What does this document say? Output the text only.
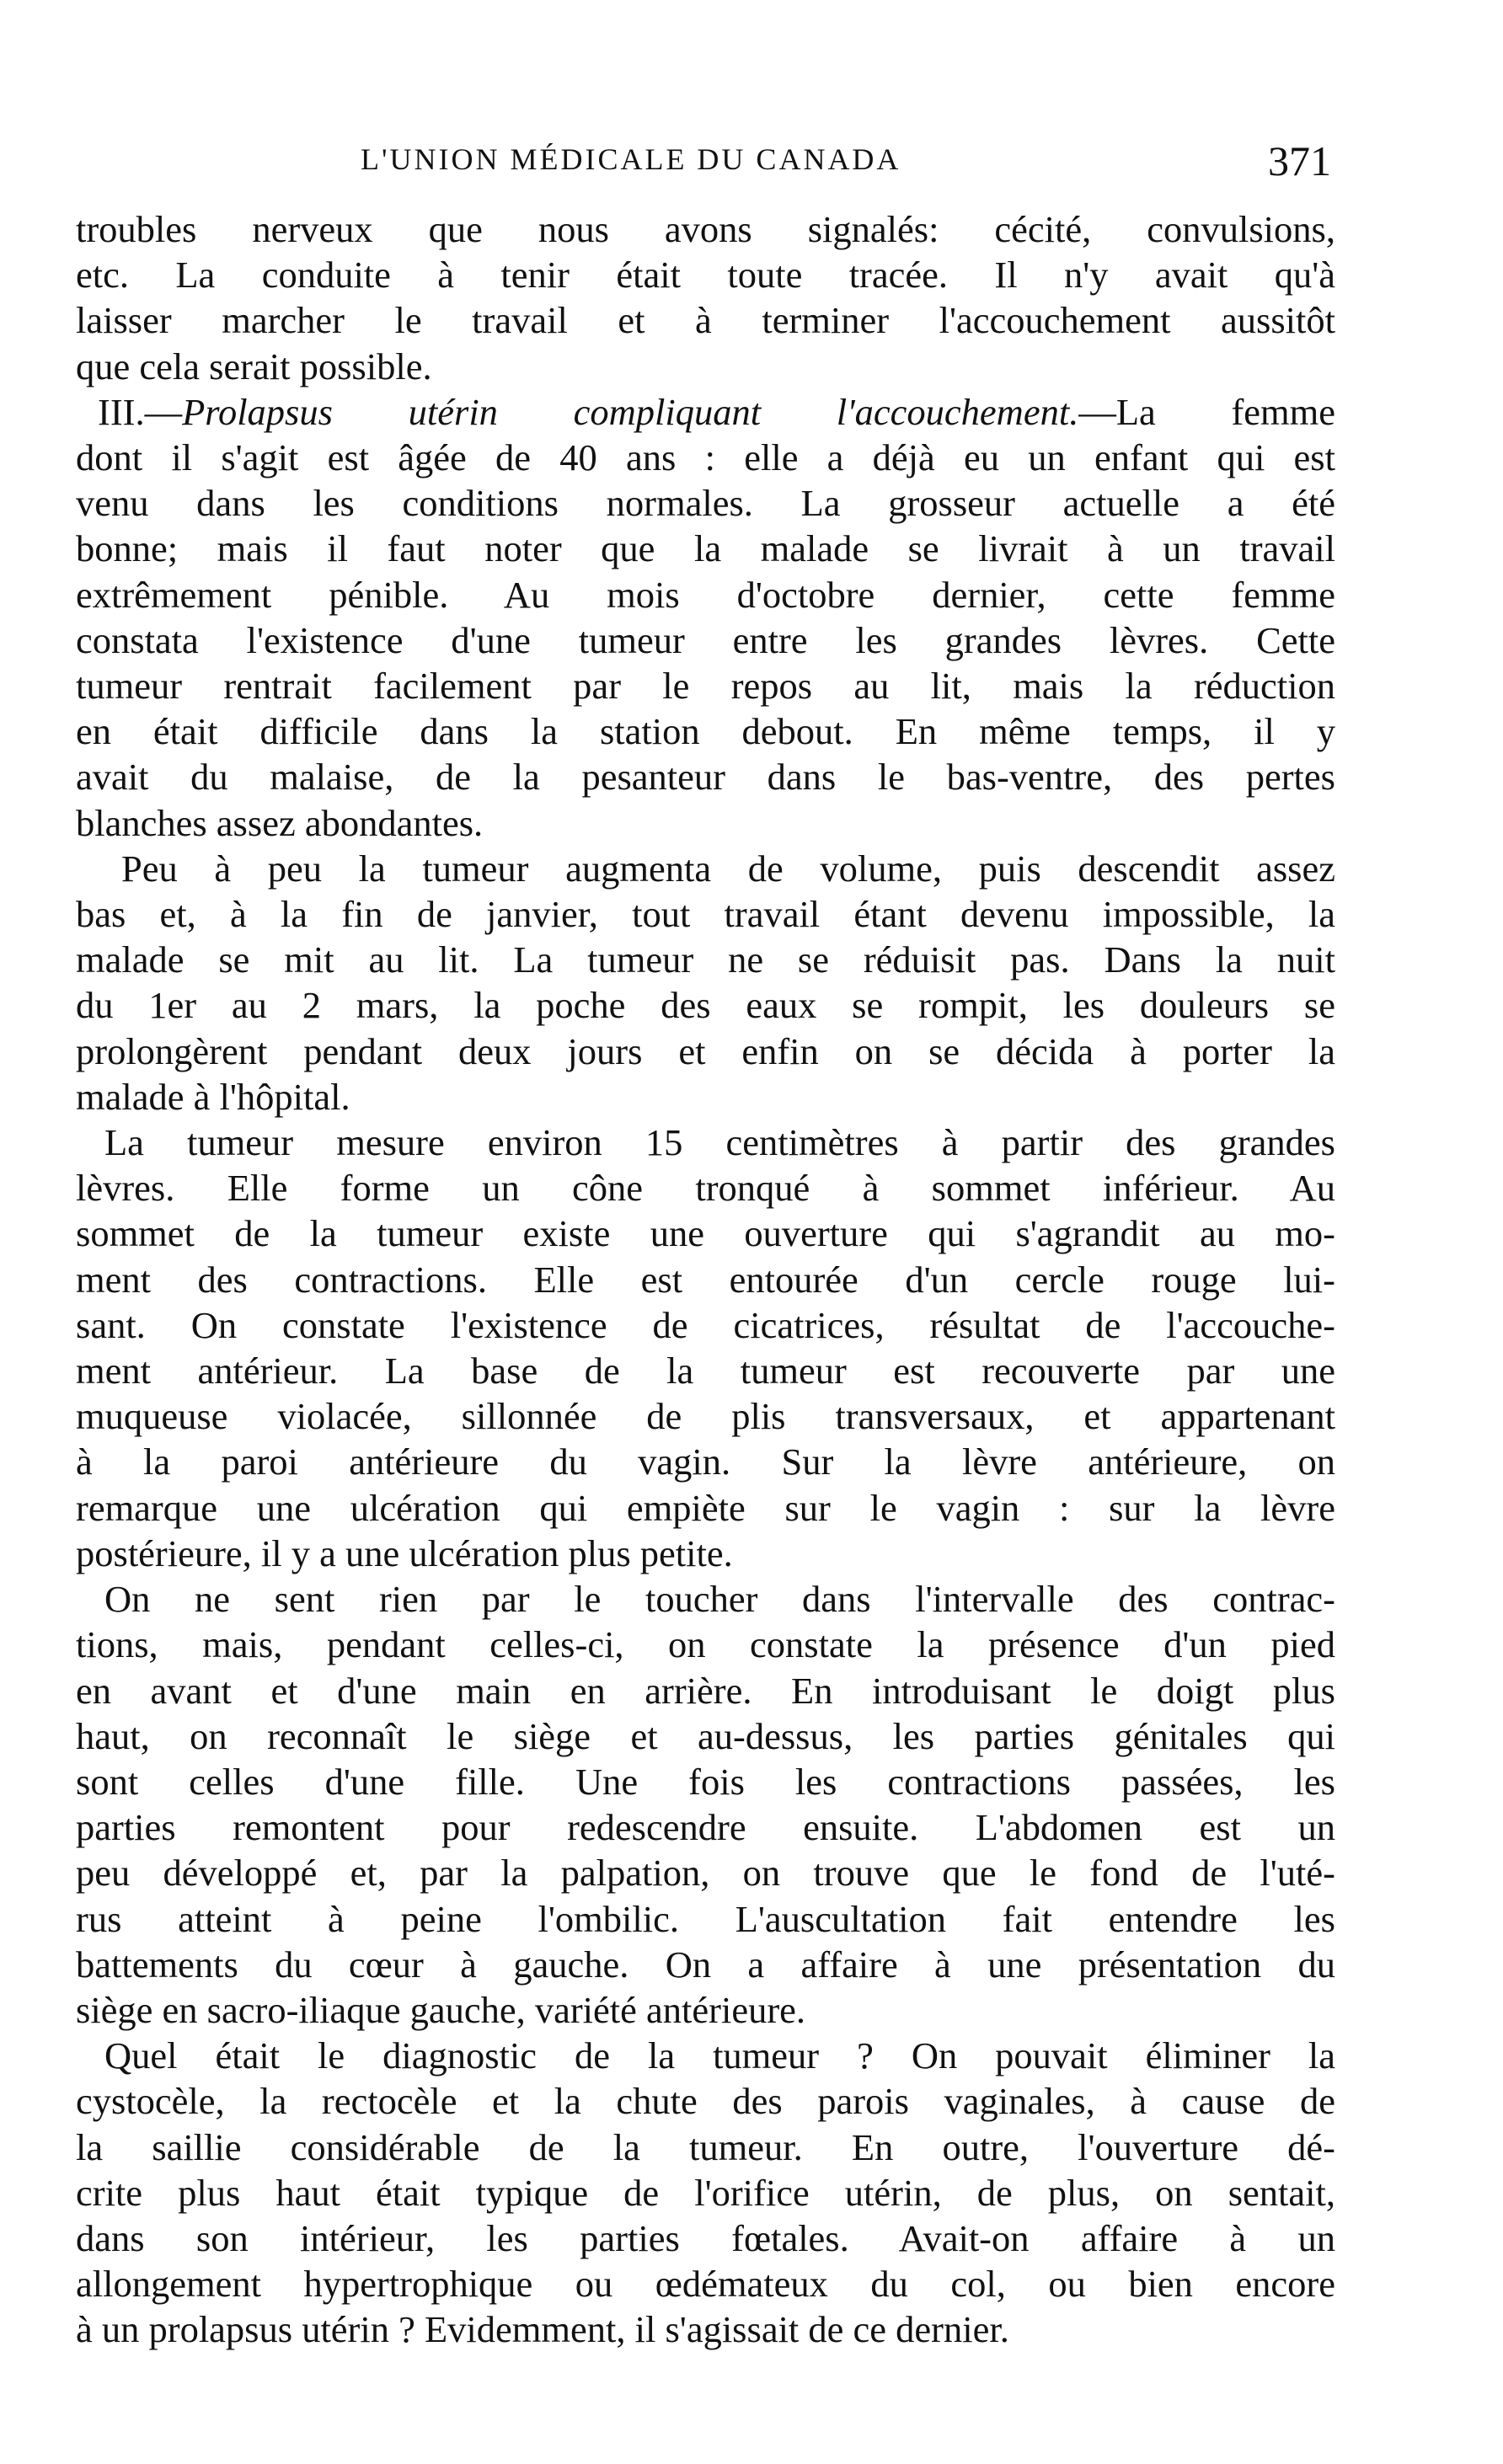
L'UNION MÉDICALE DU CANADA	371

troubles nerveux que nous avons signalés: cécité, convulsions,
etc. La conduite à tenir était toute tracée. Il n'y avait qu'à
laisser marcher le travail et à terminer l'accouchement aussitôt
que cela serait possible.

III.—Prolapsus utérin compliquant l'accouchement.—La femme
dont il s'agit est âgée de 40 ans : elle a déjà eu un enfant qui est
venu dans les conditions normales. La grosseur actuelle a été
bonne; mais il faut noter que la malade se livrait à un travail
extrêmement pénible. Au mois d'octobre dernier, cette femme
constata l'existence d'une tumeur entre les grandes lèvres. Cette
tumeur rentrait facilement par le repos au lit, mais la réduction
en était difficile dans la station debout. En même temps, il y
avait du malaise, de la pesanteur dans le bas-ventre, des pertes
blanches assez abondantes.

Peu à peu la tumeur augmenta de volume, puis descendit assez
bas et, à la fin de janvier, tout travail étant devenu impossible, la
malade se mit au lit. La tumeur ne se réduisit pas. Dans la nuit
du 1er au 2 mars, la poche des eaux se rompit, les douleurs se
prolongèrent pendant deux jours et enfin on se décida à porter la
malade à l'hôpital.

La tumeur mesure environ 15 centimètres à partir des grandes
lèvres. Elle forme un cône tronqué à sommet inférieur. Au
sommet de la tumeur existe une ouverture qui s'agrandit au mo-
ment des contractions. Elle est entourée d'un cercle rouge lui-
sant. On constate l'existence de cicatrices, résultat de l'accouche-
ment antérieur. La base de la tumeur est recouverte par une
muqueuse violacée, sillonnée de plis transversaux, et appartenant
à la paroi antérieure du vagin. Sur la lèvre antérieure, on
remarque une ulcération qui empiète sur le vagin : sur la lèvre
postérieure, il y a une ulcération plus petite.

On ne sent rien par le toucher dans l'intervalle des contrac-
tions, mais, pendant celles-ci, on constate la présence d'un pied
en avant et d'une main en arrière. En introduisant le doigt plus
haut, on reconnaît le siège et au-dessus, les parties génitales qui
sont celles d'une fille. Une fois les contractions passées, les
parties remontent pour redescendre ensuite. L'abdomen est un
peu développé et, par la palpation, on trouve que le fond de l'uté-
rus atteint à peine l'ombilic. L'auscultation fait entendre les
battements du cœur à gauche. On a affaire à une présentation du
siège en sacro-iliaque gauche, variété antérieure.

Quel était le diagnostic de la tumeur ? On pouvait éliminer la
cystocèle, la rectocèle et la chute des parois vaginales, à cause de
la saillie considérable de la tumeur. En outre, l'ouverture dé-
crite plus haut était typique de l'orifice utérin, de plus, on sentait,
dans son intérieur, les parties fœtales. Avait-on affaire à un
allongement hypertrophique ou œdémateux du col, ou bien encore
à un prolapsus utérin ? Evidemment, il s'agissait de ce dernier.
